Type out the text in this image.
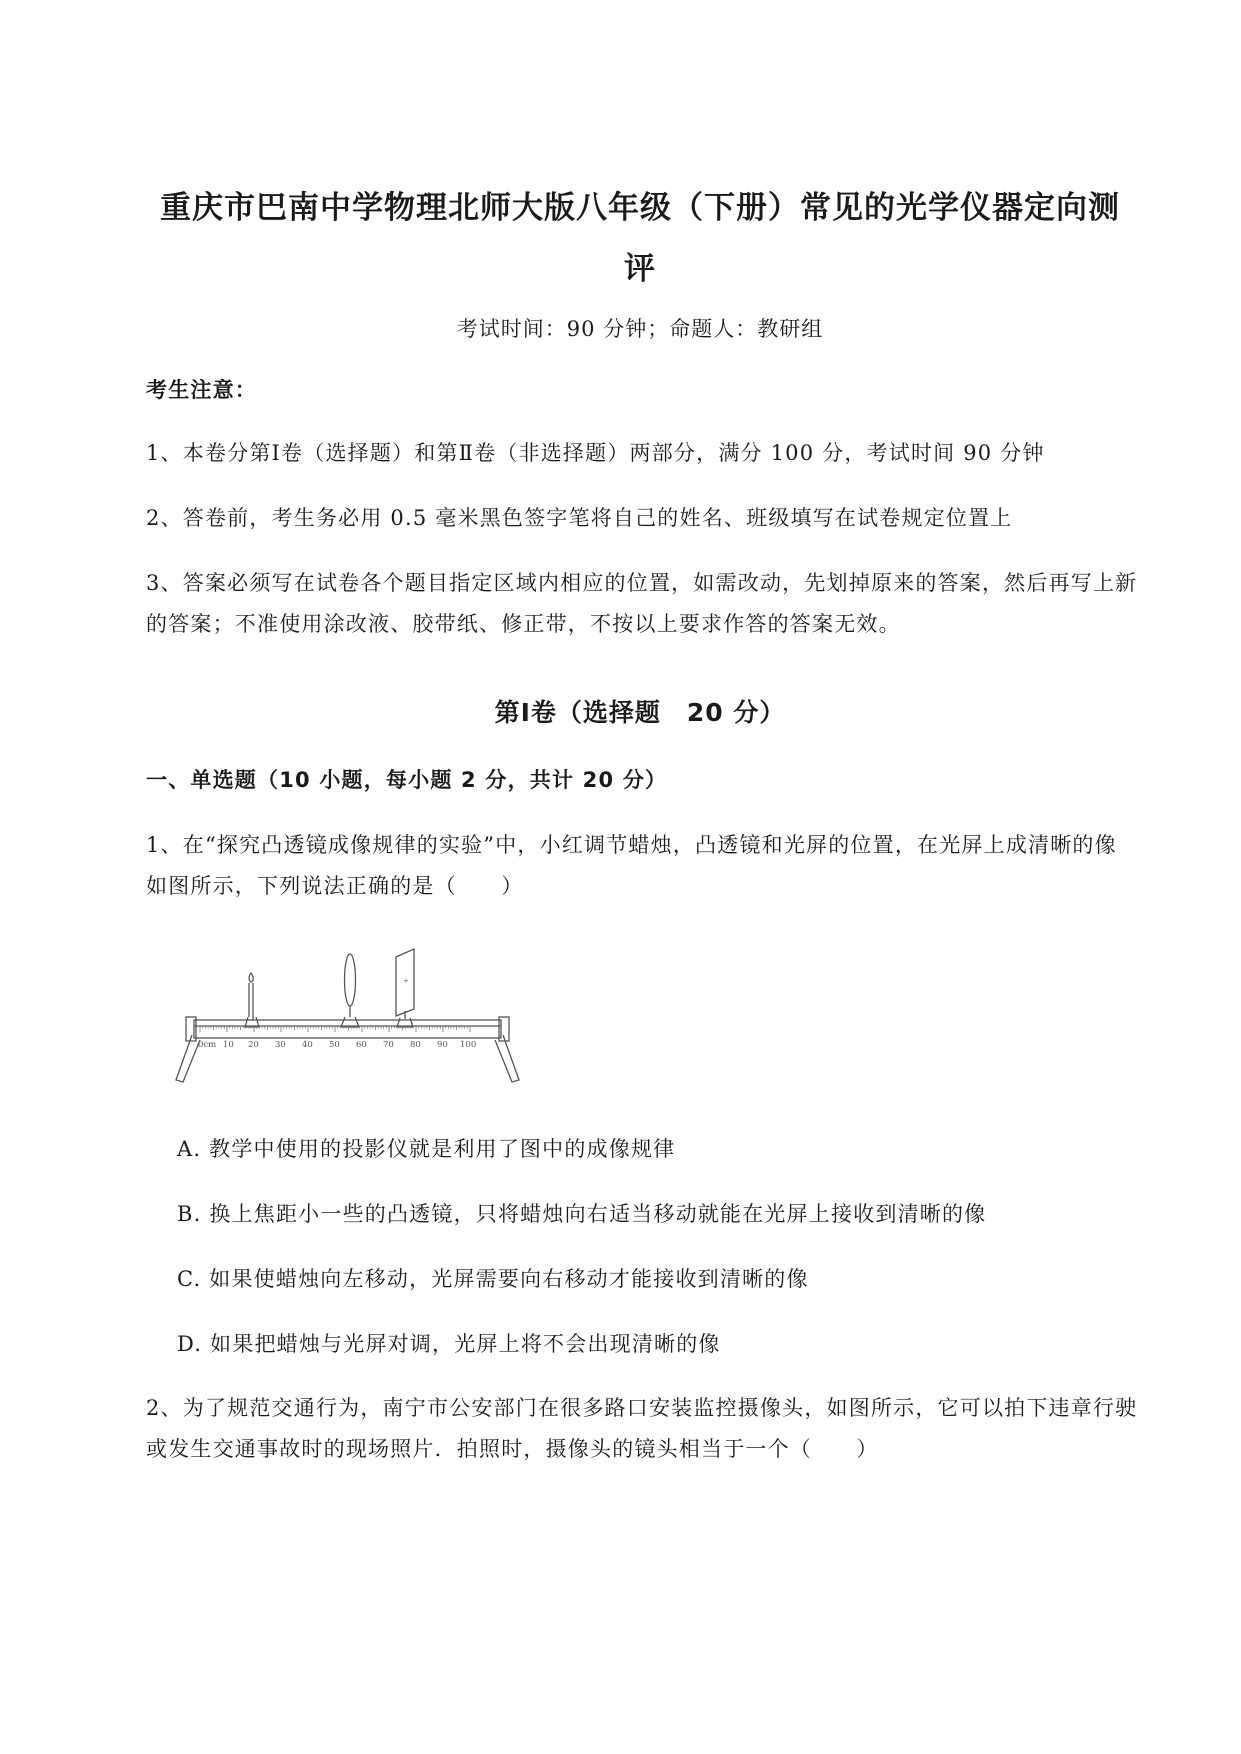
重庆市巴南中学物理北师大版八年级（下册）常见的光学仪器定向测
评
考试时间：90 分钟；命题人：教研组
考生注意：
1、本卷分第Ⅰ卷（选择题）和第Ⅱ卷（非选择题）两部分，满分 100 分，考试时间 90 分钟
2、答卷前，考生务必用 0.5 毫米黑色签字笔将自己的姓名、班级填写在试卷规定位置上
3、答案必须写在试卷各个题目指定区域内相应的位置，如需改动，先划掉原来的答案，然后再写上新
的答案；不准使用涂改液、胶带纸、修正带，不按以上要求作答的答案无效。
第Ⅰ卷（选择题　20 分）
一、单选题（10 小题，每小题 2 分，共计 20 分）
1、在“探究凸透镜成像规律的实验”中，小红调节蜡烛，凸透镜和光屏的位置，在光屏上成清晰的像
如图所示，下列说法正确的是（　　）
+
0cm 10 20 30 40 50 60 70 80 90 100
A. 教学中使用的投影仪就是利用了图中的成像规律
B. 换上焦距小一些的凸透镜，只将蜡烛向右适当移动就能在光屏上接收到清晰的像
C. 如果使蜡烛向左移动，光屏需要向右移动才能接收到清晰的像
D. 如果把蜡烛与光屏对调，光屏上将不会出现清晰的像
2、为了规范交通行为，南宁市公安部门在很多路口安装监控摄像头，如图所示，它可以拍下违章行驶
或发生交通事故时的现场照片．拍照时，摄像头的镜头相当于一个（　　）
